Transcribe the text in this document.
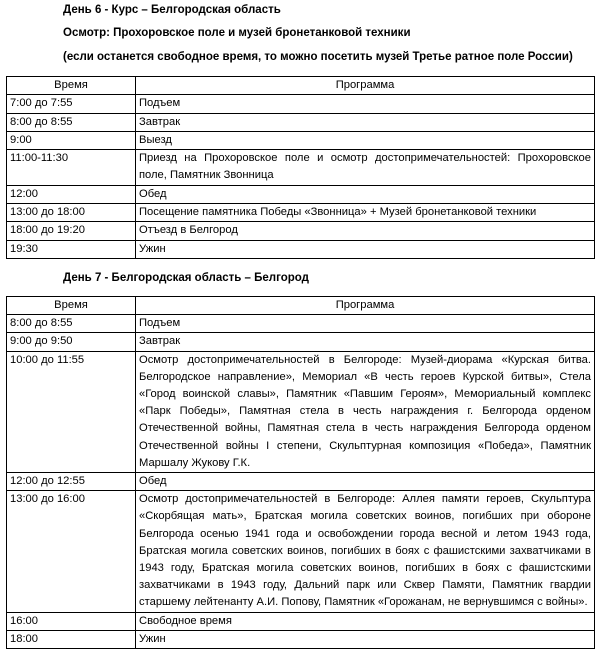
День 6 - Курс – Белгородская область
Осмотр: Прохоровское поле и музей бронетанковой техники
(если останется свободное время, то можно посетить музей Третье ратное поле России)
Время	Программа
7:00 до 7:55	Подъем
8:00 до 8:55	Завтрак
9:00	Выезд
11:00-11:30	Приезд на Прохоровское поле и осмотр достопримечательностей: Прохоровское поле, Памятник Звонница
12:00	Обед
13:00 до 18:00	Посещение памятника Победы «Звонница» + Музей бронетанковой техники
18:00 до 19:20	Отъезд в Белгород
19:30	Ужин
День 7 - Белгородская область – Белгород
Время	Программа
8:00 до 8:55	Подъем
9:00 до 9:50	Завтрак
10:00 до 11:55	Осмотр достопримечательностей в Белгороде: Музей-диорама «Курская битва. Белгородское направление», Мемориал «В честь героев Курской битвы», Стела «Город воинской славы», Памятник «Павшим Героям», Мемориальный комплекс «Парк Победы», Памятная стела в честь награждения г. Белгорода орденом Отечественной войны, Памятная стела в честь награждения Белгорода орденом Отечественной войны I степени, Скульптурная композиция «Победа», Памятник Маршалу Жукову Г.К.
12:00 до 12:55	Обед
13:00 до 16:00	Осмотр достопримечательностей в Белгороде: Аллея памяти героев, Скульптура «Скорбящая мать», Братская могила советских воинов, погибших при обороне Белгорода осенью 1941 года и освобождении города весной и летом 1943 года, Братская могила советских воинов, погибших в боях с фашистскими захватчиками в 1943 году, Братская могила советских воинов, погибших в боях с фашистскими захватчиками в 1943 году, Дальний парк или Сквер Памяти, Памятник гвардии старшему лейтенанту А.И. Попову, Памятник «Горожанам, не вернувшимся с войны».
16:00	Свободное время
18:00	Ужин
